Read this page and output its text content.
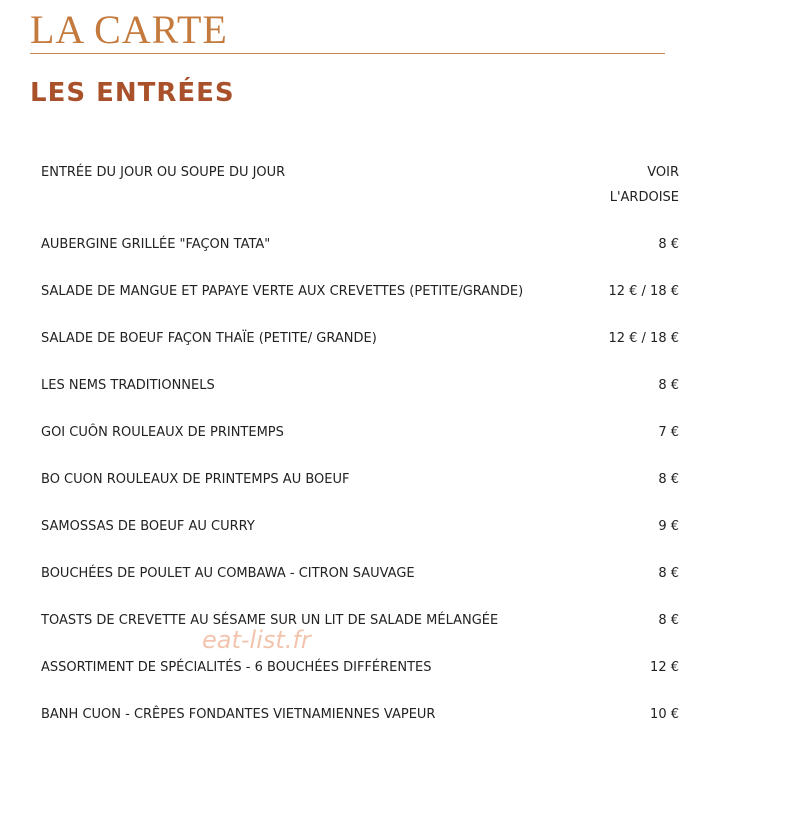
LA CARTE
LES ENTRÉES
ENTRÉE DU JOUR OU SOUPE DU JOUR	VOIR
L'ARDOISE
AUBERGINE GRILLÉE "FAÇON TATA"	8 €
SALADE DE MANGUE ET PAPAYE VERTE AUX CREVETTES (PETITE/GRANDE)	12 € / 18 €
SALADE DE BOEUF FAÇON THAÏE (PETITE/ GRANDE)	12 € / 18 €
LES NEMS TRADITIONNELS	8 €
GOI CUÔN ROULEAUX DE PRINTEMPS	7 €
BO CUON ROULEAUX DE PRINTEMPS AU BOEUF	8 €
SAMOSSAS DE BOEUF AU CURRY	9 €
BOUCHÉES DE POULET AU COMBAWA - CITRON SAUVAGE	8 €
TOASTS DE CREVETTE AU SÉSAME SUR UN LIT DE SALADE MÉLANGÉE	8 €
ASSORTIMENT DE SPÉCIALITÉS - 6 BOUCHÉES DIFFÉRENTES	12 €
BANH CUON - CRÊPES FONDANTES VIETNAMIENNES VAPEUR	10 €
eat-list.fr
